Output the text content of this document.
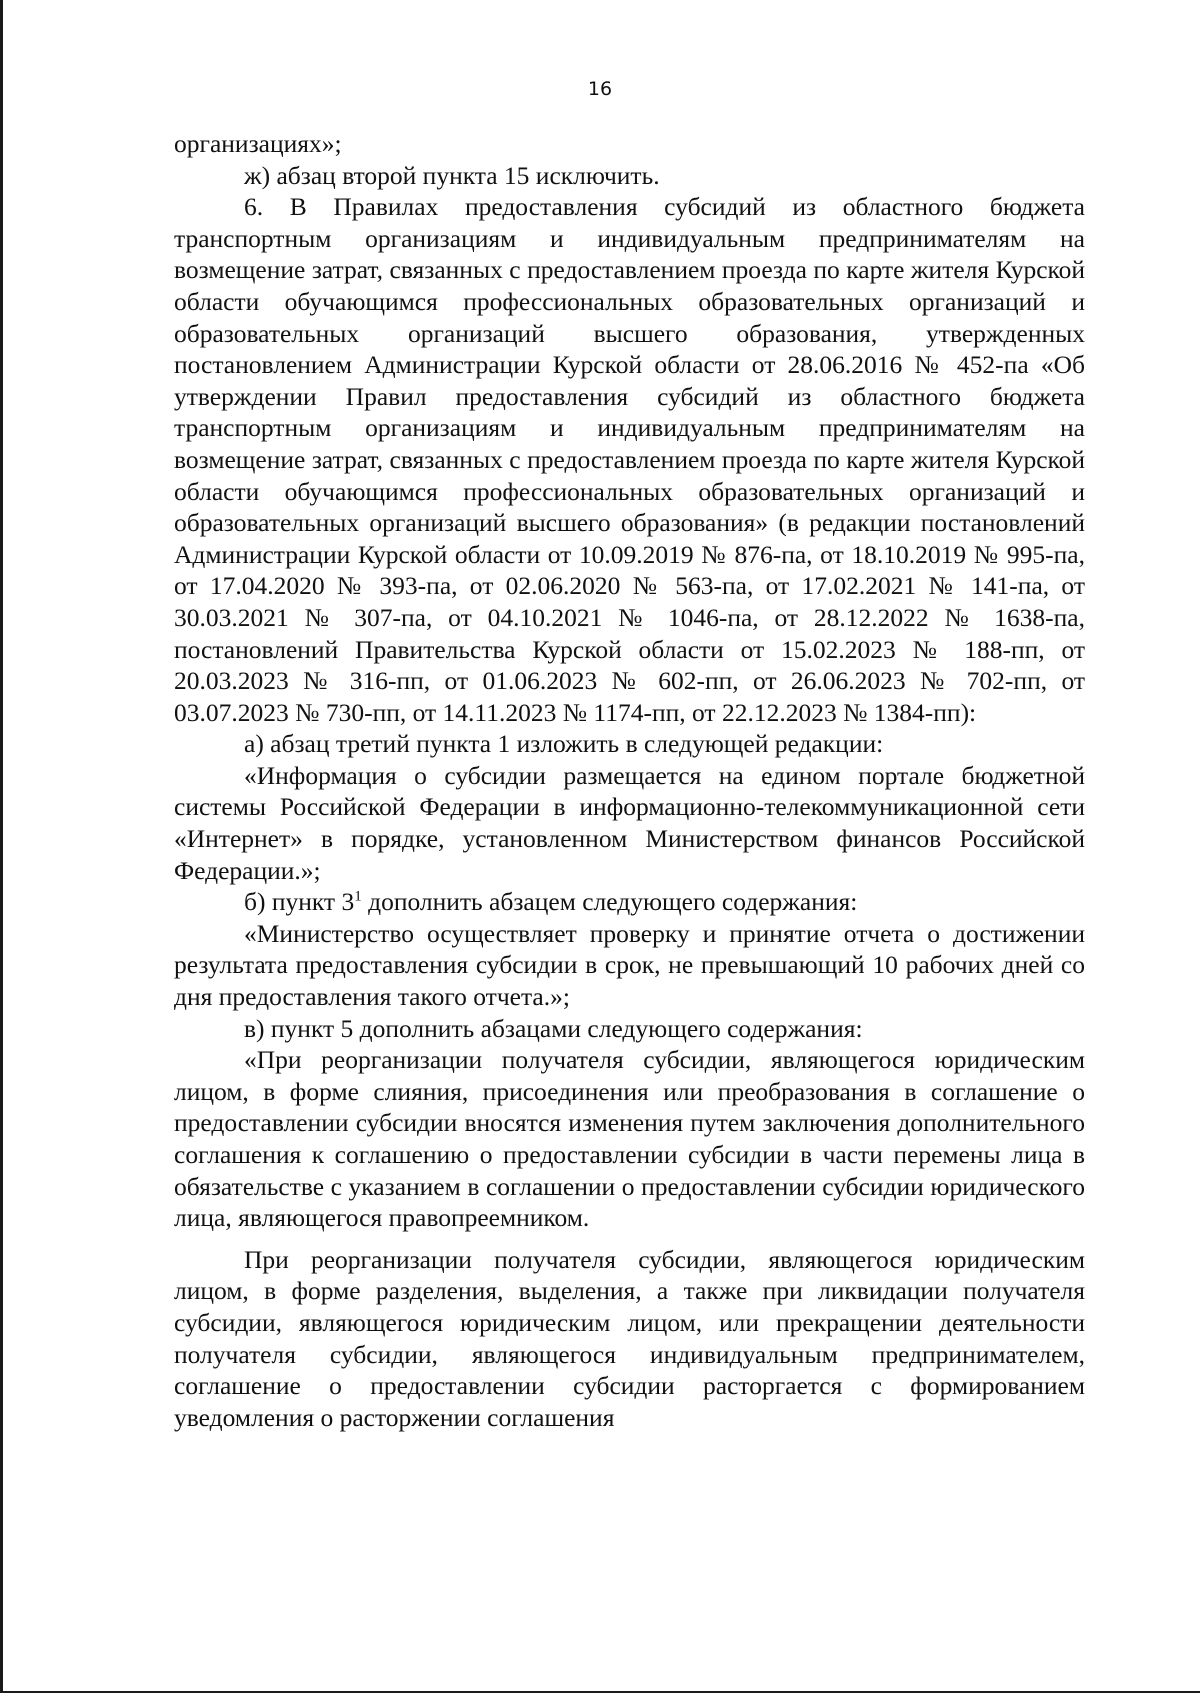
16

организациях»;

ж) абзац второй пункта 15 исключить.

6. В Правилах предоставления субсидий из областного бюджета транспортным организациям и индивидуальным предпринимателям на возмещение затрат, связанных с предоставлением проезда по карте жителя Курской области обучающимся профессиональных образовательных организаций и образовательных организаций высшего образования, утвержденных постановлением Администрации Курской области от 28.06.2016 № 452-па «Об утверждении Правил предоставления субсидий из областного бюджета транспортным организациям и индивидуальным предпринимателям на возмещение затрат, связанных с предоставлением проезда по карте жителя Курской области обучающимся профессиональных образовательных организаций и образовательных организаций высшего образования» (в редакции постановлений Администрации Курской области от 10.09.2019 № 876-па, от 18.10.2019 № 995-па, от 17.04.2020 № 393-па, от 02.06.2020 № 563-па, от 17.02.2021 № 141-па, от 30.03.2021 № 307-па, от 04.10.2021 № 1046-па, от 28.12.2022 № 1638-па, постановлений Правительства Курской области от 15.02.2023 № 188-пп, от 20.03.2023 № 316-пп, от 01.06.2023 № 602-пп, от 26.06.2023 № 702-пп, от 03.07.2023 № 730-пп, от 14.11.2023 № 1174-пп, от 22.12.2023 № 1384-пп):

а) абзац третий пункта 1 изложить в следующей редакции:

«Информация о субсидии размещается на едином портале бюджетной системы Российской Федерации в информационно-телекоммуникационной сети «Интернет» в порядке, установленном Министерством финансов Российской Федерации.»;

б) пункт $3^1$ дополнить абзацем следующего содержания:

«Министерство осуществляет проверку и принятие отчета о достижении результата предоставления субсидии в срок, не превышающий 10 рабочих дней со дня предоставления такого отчета.»;

в) пункт 5 дополнить абзацами следующего содержания:

«При реорганизации получателя субсидии, являющегося юридическим лицом, в форме слияния, присоединения или преобразования в соглашение о предоставлении субсидии вносятся изменения путем заключения дополнительного соглашения к соглашению о предоставлении субсидии в части перемены лица в обязательстве с указанием в соглашении о предоставлении субсидии юридического лица, являющегося правопреемником.

При реорганизации получателя субсидии, являющегося юридическим лицом, в форме разделения, выделения, а также при ликвидации получателя субсидии, являющегося юридическим лицом, или прекращении деятельности получателя субсидии, являющегося индивидуальным предпринимателем, соглашение о предоставлении субсидии расторгается с формированием уведомления о расторжении соглашения
